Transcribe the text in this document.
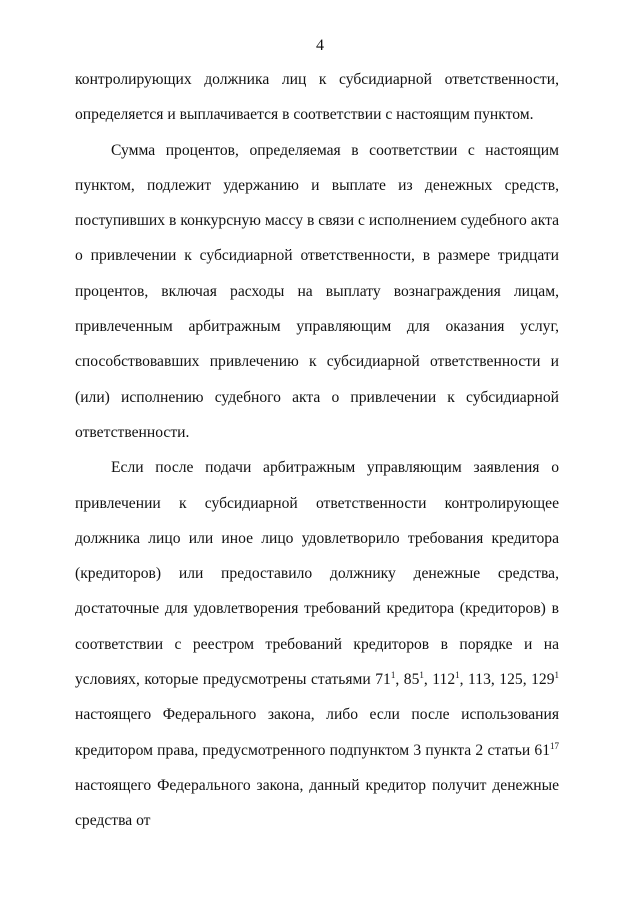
4

контролирующих должника лиц к субсидиарной ответственности, определяется и выплачивается в соответствии с настоящим пунктом.

Сумма процентов, определяемая в соответствии с настоящим пунктом, подлежит удержанию и выплате из денежных средств, поступивших в конкурсную массу в связи с исполнением судебного акта о привлечении к субсидиарной ответственности, в размере тридцати процентов, включая расходы на выплату вознаграждения лицам, привлеченным арбитражным управляющим для оказания услуг, способствовавших привлечению к субсидиарной ответственности и (или) исполнению судебного акта о привлечении к субсидиарной ответственности.

Если после подачи арбитражным управляющим заявления о привлечении к субсидиарной ответственности контролирующее должника лицо или иное лицо удовлетворило требования кредитора (кредиторов) или предоставило должнику денежные средства, достаточные для удовлетворения требований кредитора (кредиторов) в соответствии с реестром требований кредиторов в порядке и на условиях, которые предусмотрены статьями $71^1$, $85^1$, $112^1$, 113, 125, $129^1$ настоящего Федерального закона, либо если после использования кредитором права, предусмотренного подпунктом 3 пункта 2 статьи $61^{17}$ настоящего Федерального закона, данный кредитор получит денежные средства от
